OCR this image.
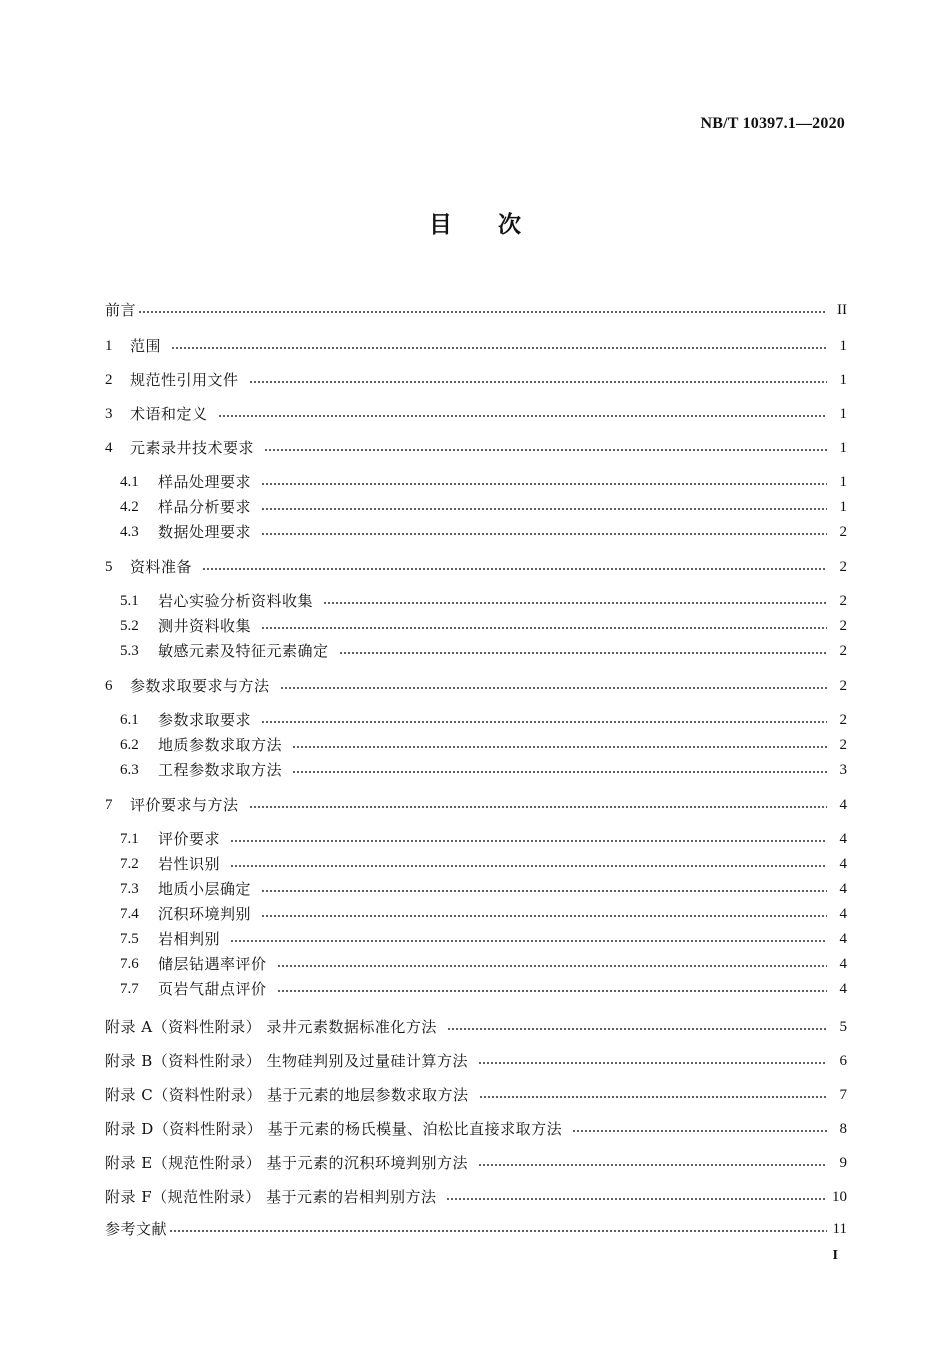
NB/T 10397.1—2020
目 次
前言	II
1	范围	1
2	规范性引用文件	1
3	术语和定义	1
4	元素录井技术要求	1
4.1	样品处理要求	1
4.2	样品分析要求	1
4.3	数据处理要求	2
5	资料准备	2
5.1	岩心实验分析资料收集	2
5.2	测井资料收集	2
5.3	敏感元素及特征元素确定	2
6	参数求取要求与方法	2
6.1	参数求取要求	2
6.2	地质参数求取方法	2
6.3	工程参数求取方法	3
7	评价要求与方法	4
7.1	评价要求	4
7.2	岩性识别	4
7.3	地质小层确定	4
7.4	沉积环境判别	4
7.5	岩相判别	4
7.6	储层钻遇率评价	4
7.7	页岩气甜点评价	4
附录 A（资料性附录） 录井元素数据标准化方法	5
附录 B（资料性附录） 生物硅判别及过量硅计算方法	6
附录 C（资料性附录） 基于元素的地层参数求取方法	7
附录 D（资料性附录） 基于元素的杨氏模量、泊松比直接求取方法	8
附录 E（规范性附录） 基于元素的沉积环境判别方法	9
附录 F（规范性附录） 基于元素的岩相判别方法	10
参考文献	11
I
